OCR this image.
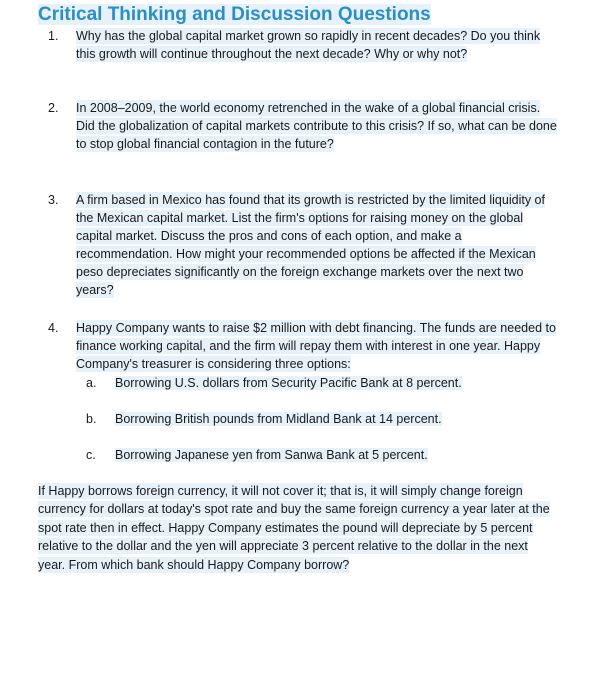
Critical Thinking and Discussion Questions
1.	Why has the global capital market grown so rapidly in recent decades? Do you think this growth will continue throughout the next decade? Why or why not?
2.	In 2008–2009, the world economy retrenched in the wake of a global financial crisis. Did the globalization of capital markets contribute to this crisis? If so, what can be done to stop global financial contagion in the future?
3.	A firm based in Mexico has found that its growth is restricted by the limited liquidity of the Mexican capital market. List the firm's options for raising money on the global capital market. Discuss the pros and cons of each option, and make a recommendation. How might your recommended options be affected if the Mexican peso depreciates significantly on the foreign exchange markets over the next two years?
4.	Happy Company wants to raise $2 million with debt financing. The funds are needed to finance working capital, and the firm will repay them with interest in one year. Happy Company's treasurer is considering three options:
a. Borrowing U.S. dollars from Security Pacific Bank at 8 percent.
b. Borrowing British pounds from Midland Bank at 14 percent.
c. Borrowing Japanese yen from Sanwa Bank at 5 percent.
If Happy borrows foreign currency, it will not cover it; that is, it will simply change foreign currency for dollars at today's spot rate and buy the same foreign currency a year later at the spot rate then in effect. Happy Company estimates the pound will depreciate by 5 percent relative to the dollar and the yen will appreciate 3 percent relative to the dollar in the next year. From which bank should Happy Company borrow?
